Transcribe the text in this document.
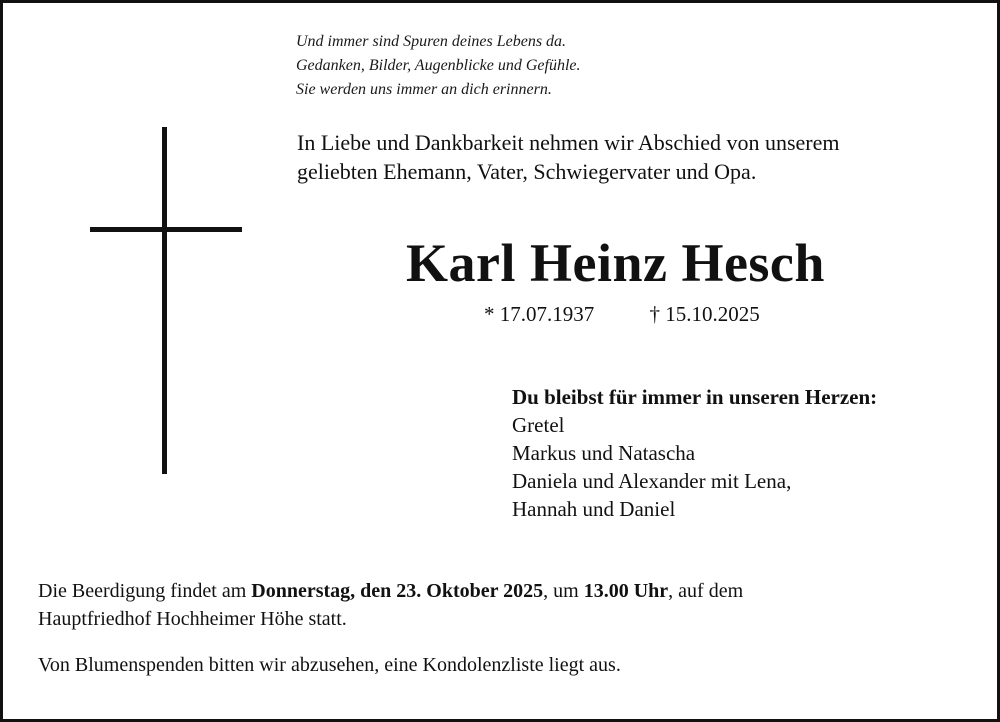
Und immer sind Spuren deines Lebens da.
Gedanken, Bilder, Augenblicke und Gefühle.
Sie werden uns immer an dich erinnern.
In Liebe und Dankbarkeit nehmen wir Abschied von unserem
geliebten Ehemann, Vater, Schwiegervater und Opa.
Karl Heinz Hesch
* 17.07.1937	† 15.10.2025
Du bleibst für immer in unseren Herzen:
Gretel
Markus und Natascha
Daniela und Alexander mit Lena,
Hannah und Daniel
Die Beerdigung findet am Donnerstag, den 23. Oktober 2025, um 13.00 Uhr, auf dem
Hauptfriedhof Hochheimer Höhe statt.
Von Blumenspenden bitten wir abzusehen, eine Kondolenzliste liegt aus.
